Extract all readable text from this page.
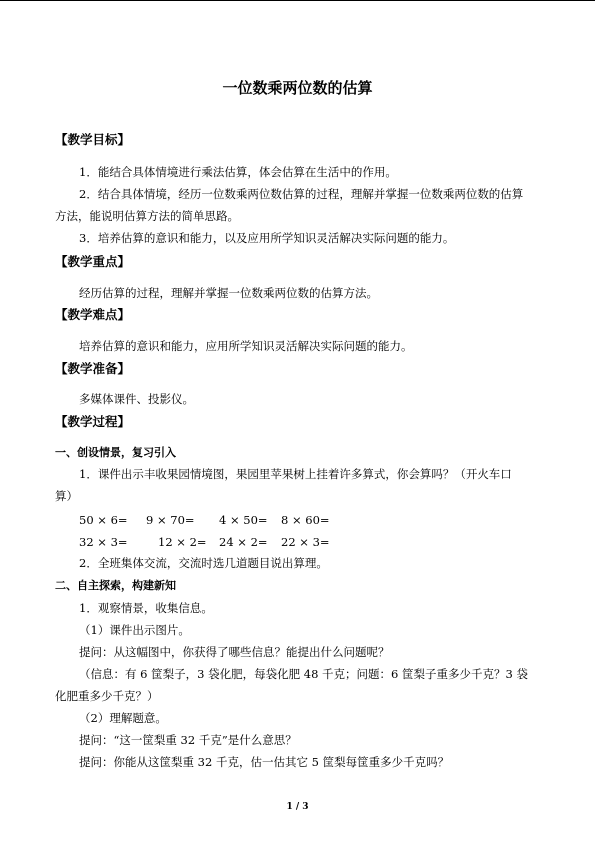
一位数乘两位数的估算
【教学目标】
1．能结合具体情境进行乘法估算，体会估算在生活中的作用。
2．结合具体情境，经历一位数乘两位数估算的过程，理解并掌握一位数乘两位数的估算
方法，能说明估算方法的简单思路。
3．培养估算的意识和能力，以及应用所学知识灵活解决实际问题的能力。
【教学重点】
经历估算的过程，理解并掌握一位数乘两位数的估算方法。
【教学难点】
培养估算的意识和能力，应用所学知识灵活解决实际问题的能力。
【教学准备】
多媒体课件、投影仪。
【教学过程】
一、创设情景，复习引入
1．课件出示丰收果园情境图，果园里苹果树上挂着许多算式，你会算吗？（开火车口
算）
50 × 6= 9 × 70= 4 × 50= 8 × 60=
32 × 3=	12 × 2= 24 × 2= 22 × 3=
2．全班集体交流，交流时选几道题目说出算理。
二、自主探索，构建新知
1．观察情景，收集信息。
（1）课件出示图片。
提问：从这幅图中，你获得了哪些信息？能提出什么问题呢？
（信息：有 6 筐梨子，3 袋化肥，每袋化肥 48 千克；问题：6 筐梨子重多少千克？3 袋
化肥重多少千克？）
（2）理解题意。
提问：“这一筐梨重 32 千克”是什么意思？
提问：你能从这筐梨重 32 千克，估一估其它 5 筐梨每筐重多少千克吗？
1 / 3
